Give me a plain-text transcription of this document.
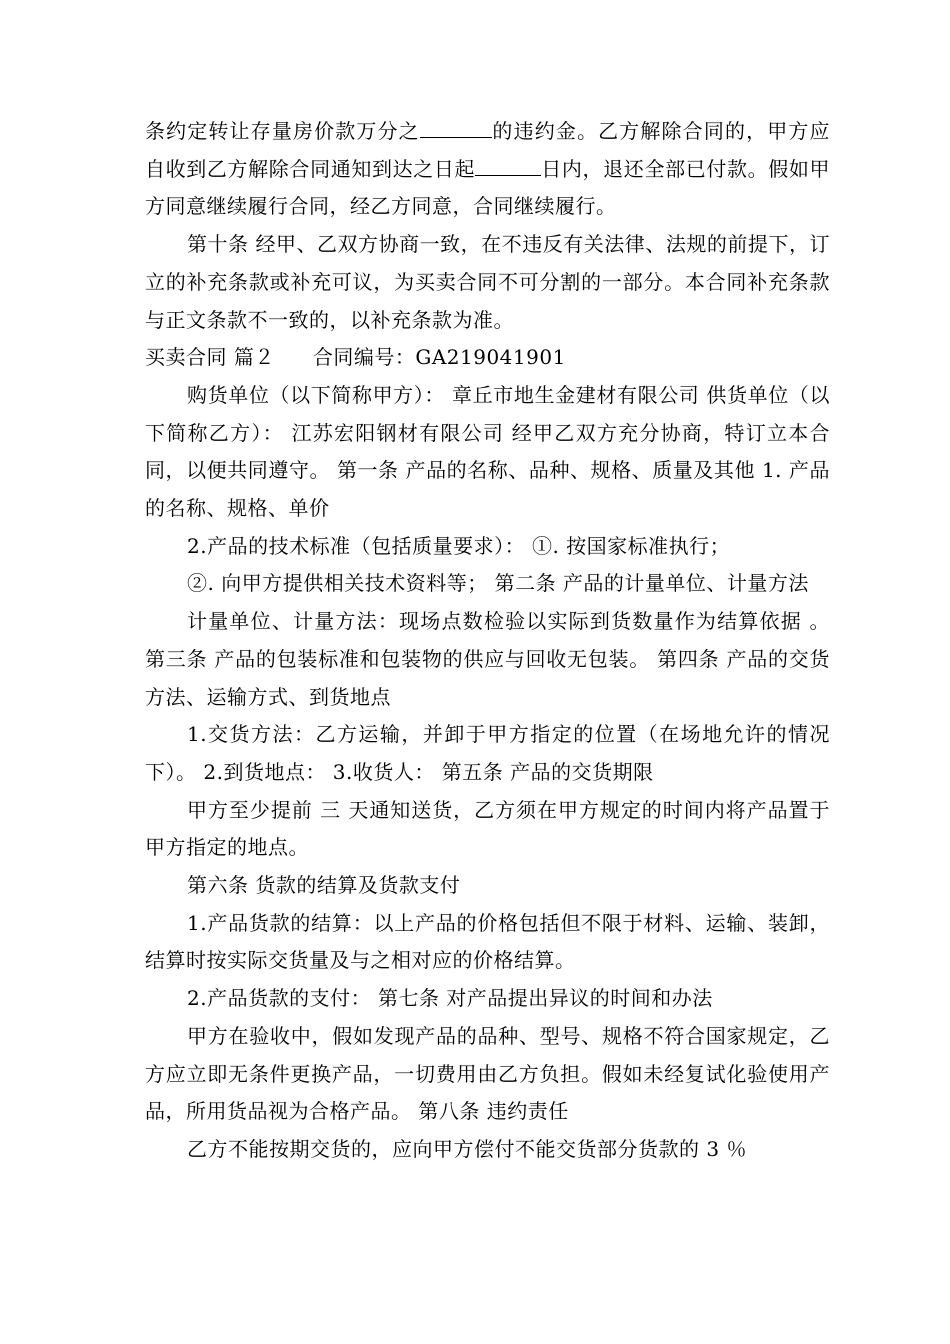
条约定转让存量房价款万分之	的违约金。乙方解除合同的，甲方应自收到乙方解除合同通知到达之日起	日内，退还全部已付款。假如甲方同意继续履行合同，经乙方同意，合同继续履行。

第十条 经甲、乙双方协商一致，在不违反有关法律、法规的前提下，订立的补充条款或补充可议，为买卖合同不可分割的一部分。本合同补充条款与正文条款不一致的，以补充条款为准。

买卖合同 篇２ 合同编号：GA219041901

购货单位（以下简称甲方）： 章丘市地生金建材有限公司 供货单位（以下简称乙方）： 江苏宏阳钢材有限公司 经甲乙双方充分协商，特订立本合同，以便共同遵守。 第一条 产品的名称、品种、规格、质量及其他 1. 产品的名称、规格、单价

2.产品的技术标准（包括质量要求）： ①. 按国家标准执行；

②. 向甲方提供相关技术资料等； 第二条 产品的计量单位、计量方法

计量单位、计量方法：现场点数检验以实际到货数量作为结算依据 。 第三条 产品的包装标准和包装物的供应与回收无包装。 第四条 产品的交货方法、运输方式、到货地点

1.交货方法：乙方运输，并卸于甲方指定的位置（在场地允许的情况下）。 2.到货地点： 3.收货人： 第五条 产品的交货期限

甲方至少提前 三 天通知送货，乙方须在甲方规定的时间内将产品置于甲方指定的地点。

第六条 货款的结算及货款支付

1.产品货款的结算：以上产品的价格包括但不限于材料、运输、装卸，结算时按实际交货量及与之相对应的价格结算。

2.产品货款的支付： 第七条 对产品提出异议的时间和办法

甲方在验收中，假如发现产品的品种、型号、规格不符合国家规定，乙方应立即无条件更换产品，一切费用由乙方负担。假如未经复试化验使用产品，所用货品视为合格产品。 第八条 违约责任

乙方不能按期交货的，应向甲方偿付不能交货部分货款的 3 ％
